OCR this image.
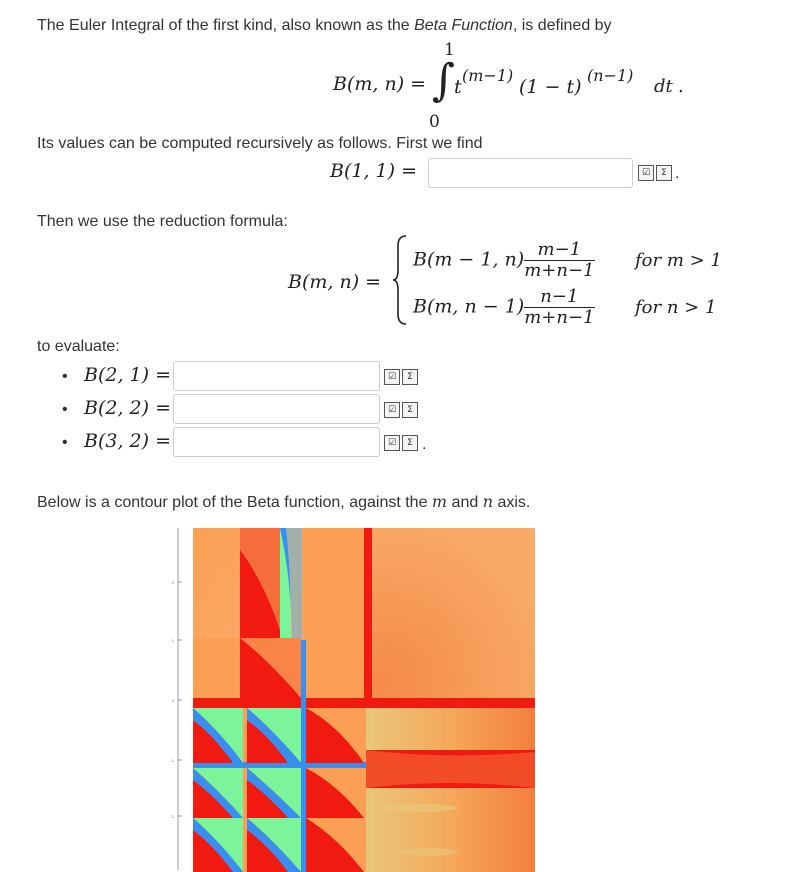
The Euler Integral of the first kind, also known as the Beta Function, is defined by
B(m, n) =
1
∫
0
t
(m−1)
(1 − t)
(n−1)
dt .
Its values can be computed recursively as follows. First we find
B(1, 1) =	☑	Σ .
Then we use the reduction formula:
B(m, n) =
B(m − 1, $n) \frac{m-1}{m+n-1}$ for m > 1
B(m, $n - 1) \frac{n-1}{m+n-1}$ for n > 1
to evaluate:
• B(2, 1) =	☑	Σ
• B(2, 2) =	☑	Σ
• B(3, 2) =	☑	Σ .
Below is a contour plot of the Beta function, against the m and n axis.
2
1
0
-1
-2
